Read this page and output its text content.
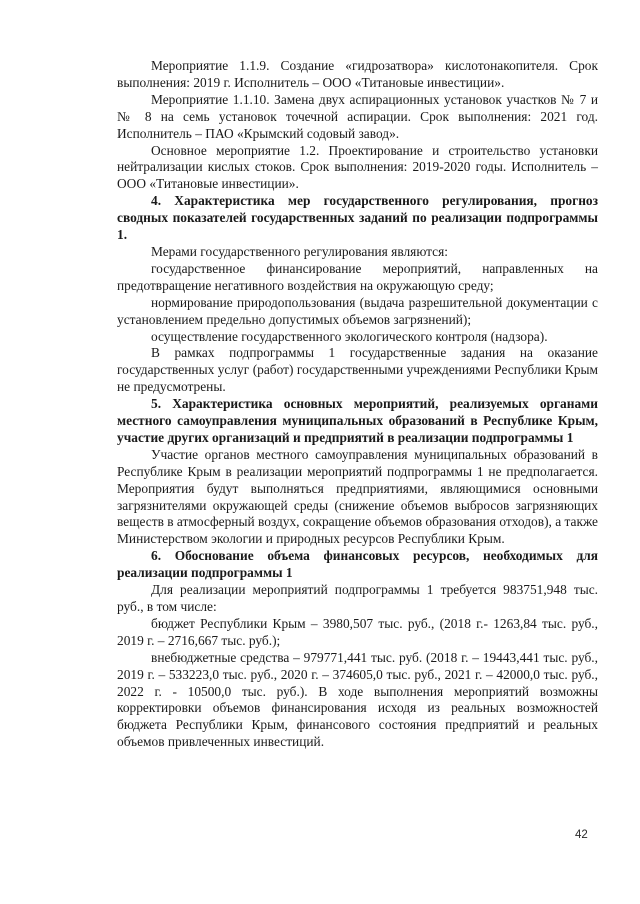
Мероприятие 1.1.9. Создание «гидрозатвора» кислотонакопителя. Срок выполнения: 2019 г. Исполнитель – ООО «Титановые инвестиции».

Мероприятие 1.1.10. Замена двух аспирационных установок участков № 7 и № 8 на семь установок точечной аспирации. Срок выполнения: 2021 год. Исполнитель – ПАО «Крымский содовый завод».

Основное мероприятие 1.2. Проектирование и строительство установки нейтрализации кислых стоков. Срок выполнения: 2019-2020 годы. Исполнитель – ООО «Титановые инвестиции».

4. Характеристика мер государственного регулирования, прогноз сводных показателей государственных заданий по реализации подпрограммы 1.

Мерами государственного регулирования являются:

государственное финансирование мероприятий, направленных на предотвращение негативного воздействия на окружающую среду;

нормирование природопользования (выдача разрешительной документации с установлением предельно допустимых объемов загрязнений);

осуществление государственного экологического контроля (надзора).

В рамках подпрограммы 1 государственные задания на оказание государственных услуг (работ) государственными учреждениями Республики Крым не предусмотрены.

5. Характеристика основных мероприятий, реализуемых органами местного самоуправления муниципальных образований в Республике Крым, участие других организаций и предприятий в реализации подпрограммы 1

Участие органов местного самоуправления муниципальных образований в Республике Крым в реализации мероприятий подпрограммы 1 не предполагается. Мероприятия будут выполняться предприятиями, являющимися основными загрязнителями окружающей среды (снижение объемов выбросов загрязняющих веществ в атмосферный воздух, сокращение объемов образования отходов), а также Министерством экологии и природных ресурсов Республики Крым.

6. Обоснование объема финансовых ресурсов, необходимых для реализации подпрограммы 1

Для реализации мероприятий подпрограммы 1 требуется 983751,948 тыс. руб., в том числе:

бюджет Республики Крым – 3980,507 тыс. руб., (2018 г.- 1263,84 тыс. руб., 2019 г. – 2716,667 тыс. руб.);

внебюджетные средства – 979771,441 тыс. руб. (2018 г. – 19443,441 тыс. руб., 2019 г. – 533223,0 тыс. руб., 2020 г. – 374605,0 тыс. руб., 2021 г. – 42000,0 тыс. руб., 2022 г. - 10500,0 тыс. руб.). В ходе выполнения мероприятий возможны корректировки объемов финансирования исходя из реальных возможностей бюджета Республики Крым, финансового состояния предприятий и реальных объемов привлеченных инвестиций.

42
